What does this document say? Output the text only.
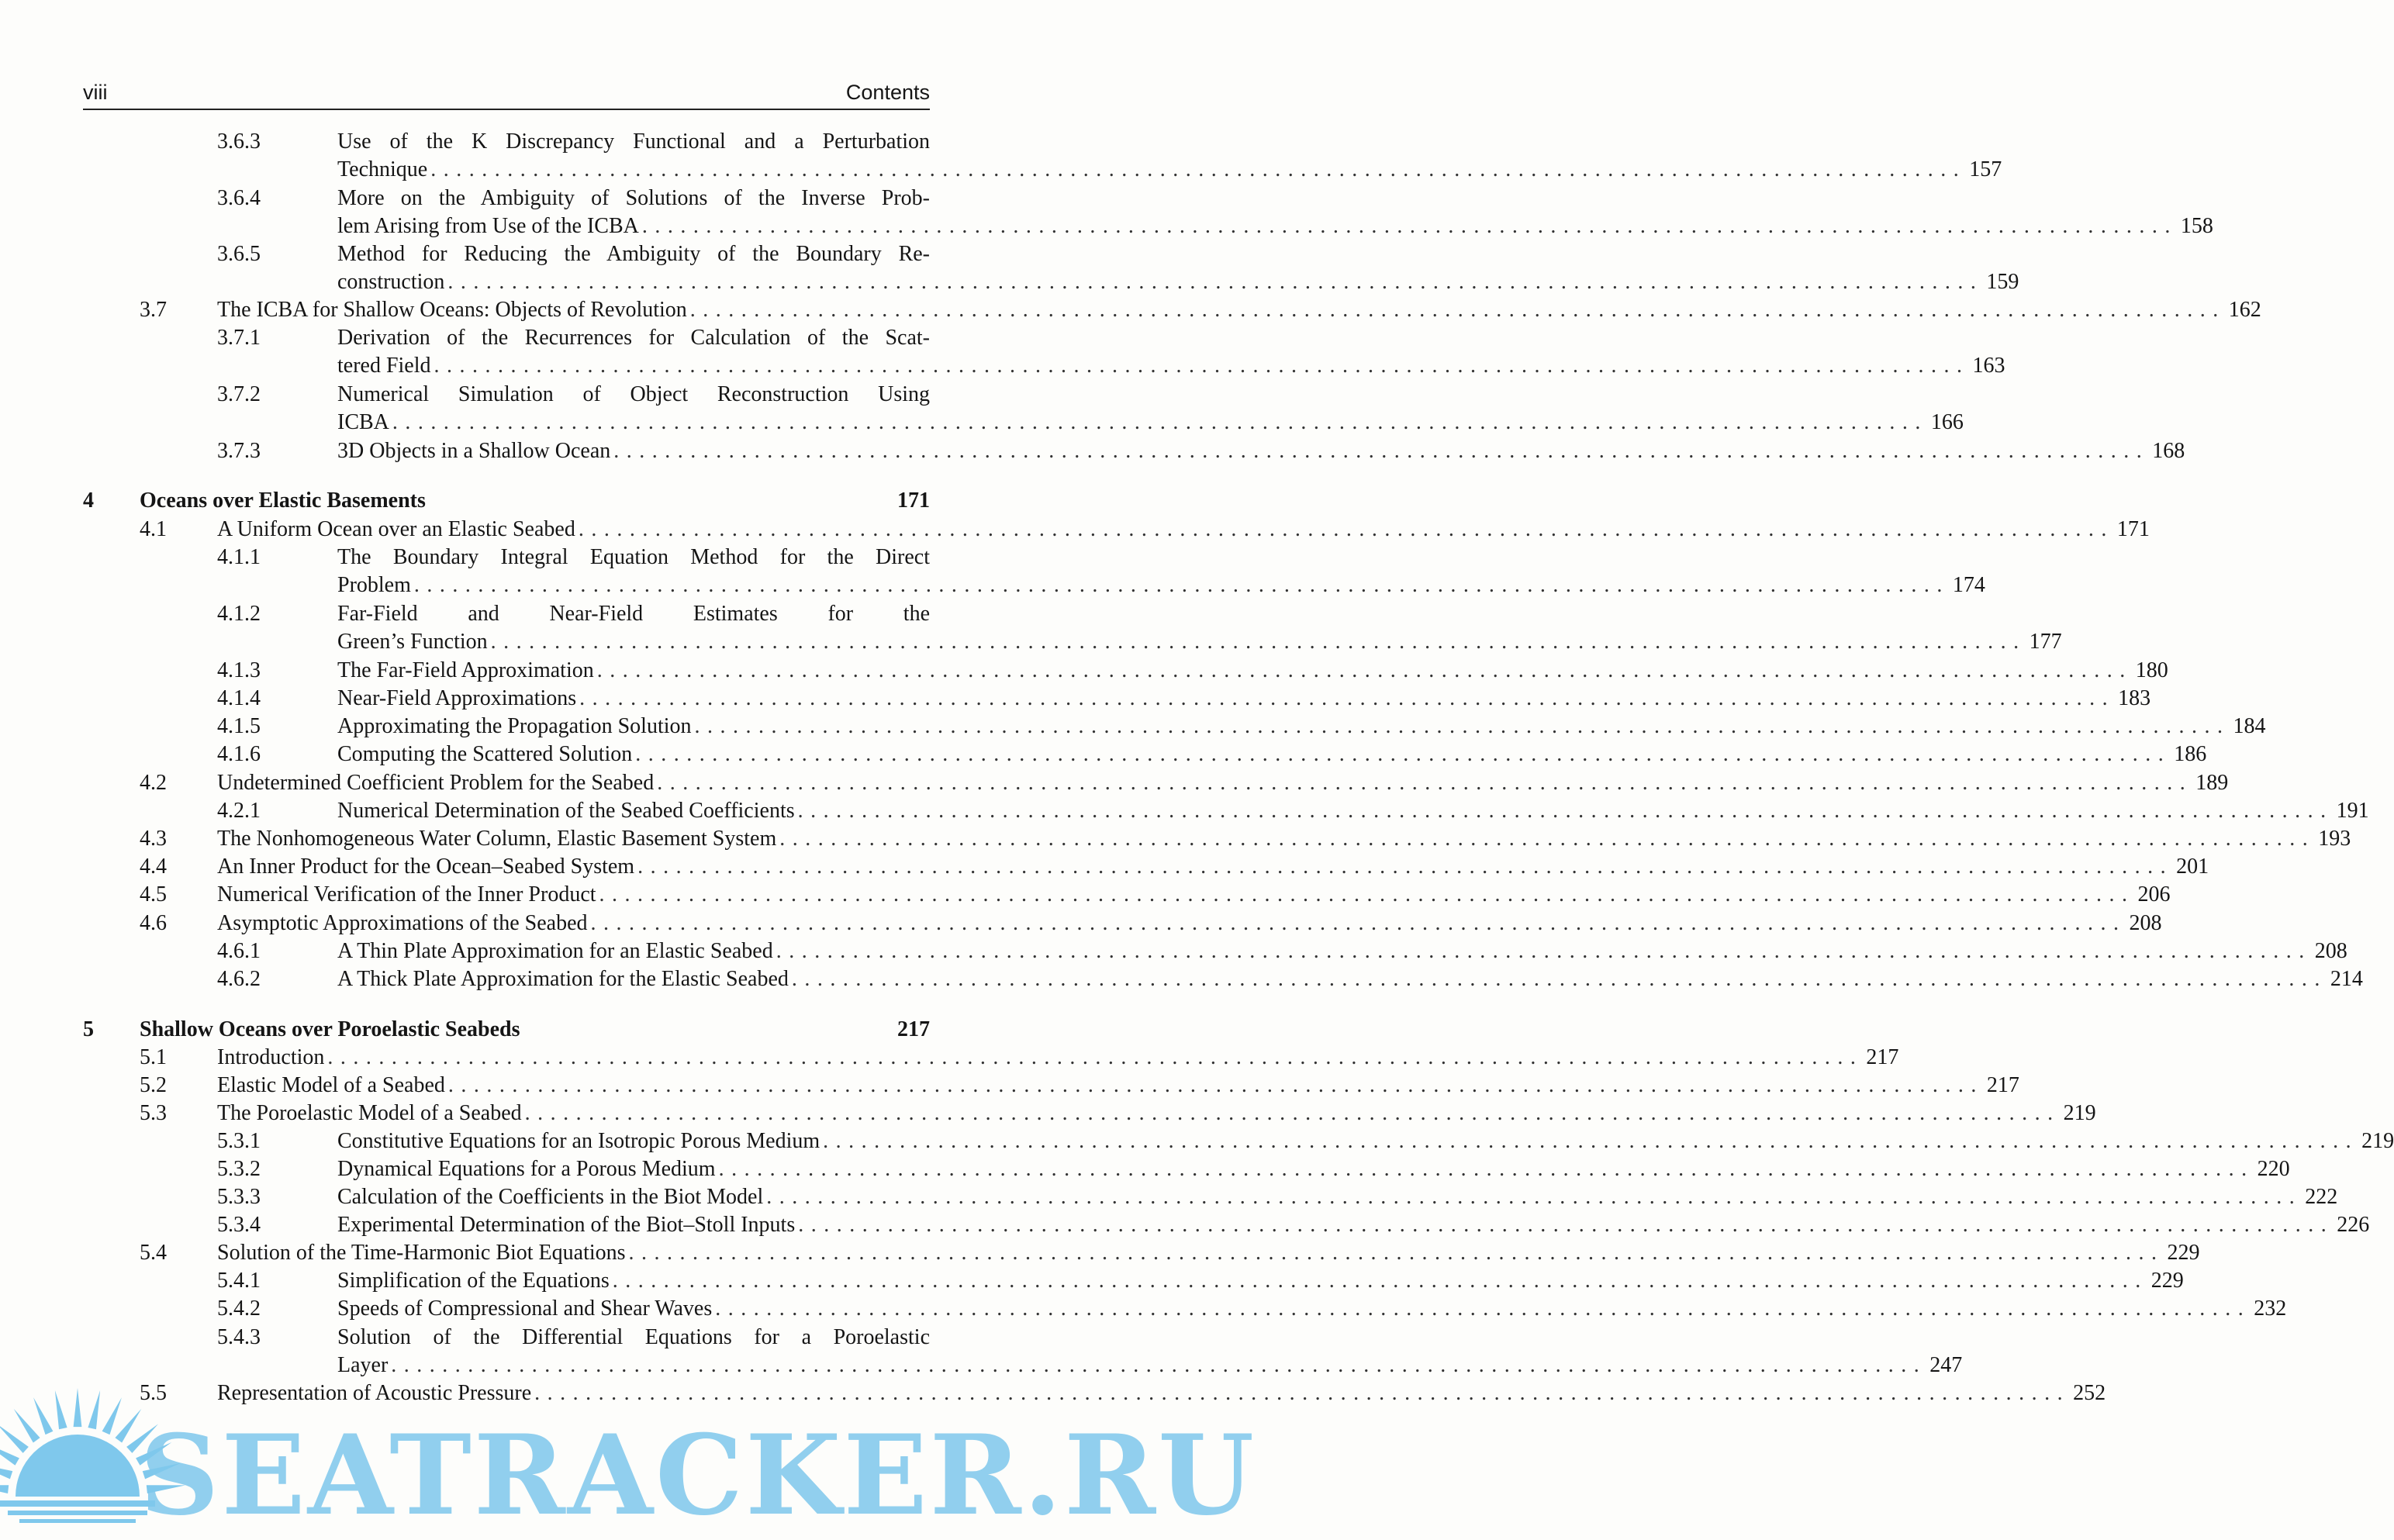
viii	Contents
3.6.3	Use of the K Discrepancy Functional and a Perturbation
Technique ........................................................................................................................ 157
3.6.4	More on the Ambiguity of Solutions of the Inverse Prob-
lem Arising from Use of the ICBA ........................................................................................................................ 158
3.6.5	Method for Reducing the Ambiguity of the Boundary Re-
construction ........................................................................................................................ 159
3.7 The ICBA for Shallow Oceans: Objects of Revolution ........................................................................................................................ 162
3.7.1	Derivation of the Recurrences for Calculation of the Scat-
tered Field ........................................................................................................................ 163
3.7.2	Numerical Simulation of Object Reconstruction Using
ICBA ........................................................................................................................ 166
3.7.3	3D Objects in a Shallow Ocean ........................................................................................................................ 168
4 Oceans over Elastic Basements	171
4.1 A Uniform Ocean over an Elastic Seabed ........................................................................................................................ 171
4.1.1	The Boundary Integral Equation Method for the Direct
Problem ........................................................................................................................ 174
4.1.2	Far-Field and Near-Field Estimates for the
Green’s Function ........................................................................................................................ 177
4.1.3	The Far-Field Approximation ........................................................................................................................ 180
4.1.4	Near-Field Approximations ........................................................................................................................ 183
4.1.5	Approximating the Propagation Solution ........................................................................................................................ 184
4.1.6	Computing the Scattered Solution ........................................................................................................................ 186
4.2 Undetermined Coefficient Problem for the Seabed ........................................................................................................................ 189
4.2.1	Numerical Determination of the Seabed Coefficients ........................................................................................................................ 191
4.3 The Nonhomogeneous Water Column, Elastic Basement System ........................................................................................................................ 193
4.4 An Inner Product for the Ocean–Seabed System ........................................................................................................................ 201
4.5 Numerical Verification of the Inner Product ........................................................................................................................ 206
4.6 Asymptotic Approximations of the Seabed ........................................................................................................................ 208
4.6.1	A Thin Plate Approximation for an Elastic Seabed ........................................................................................................................ 208
4.6.2	A Thick Plate Approximation for the Elastic Seabed ........................................................................................................................ 214
5 Shallow Oceans over Poroelastic Seabeds	217
5.1 Introduction ........................................................................................................................ 217
5.2 Elastic Model of a Seabed ........................................................................................................................ 217
5.3 The Poroelastic Model of a Seabed ........................................................................................................................ 219
5.3.1	Constitutive Equations for an Isotropic Porous Medium ........................................................................................................................ 219
5.3.2	Dynamical Equations for a Porous Medium ........................................................................................................................ 220
5.3.3	Calculation of the Coefficients in the Biot Model ........................................................................................................................ 222
5.3.4	Experimental Determination of the Biot–Stoll Inputs ........................................................................................................................ 226
5.4 Solution of the Time-Harmonic Biot Equations ........................................................................................................................ 229
5.4.1	Simplification of the Equations ........................................................................................................................ 229
5.4.2	Speeds of Compressional and Shear Waves ........................................................................................................................ 232
5.4.3	Solution of the Differential Equations for a Poroelastic
Layer ........................................................................................................................ 247
5.5 Representation of Acoustic Pressure ........................................................................................................................ 252
SEATRACKER.RU
